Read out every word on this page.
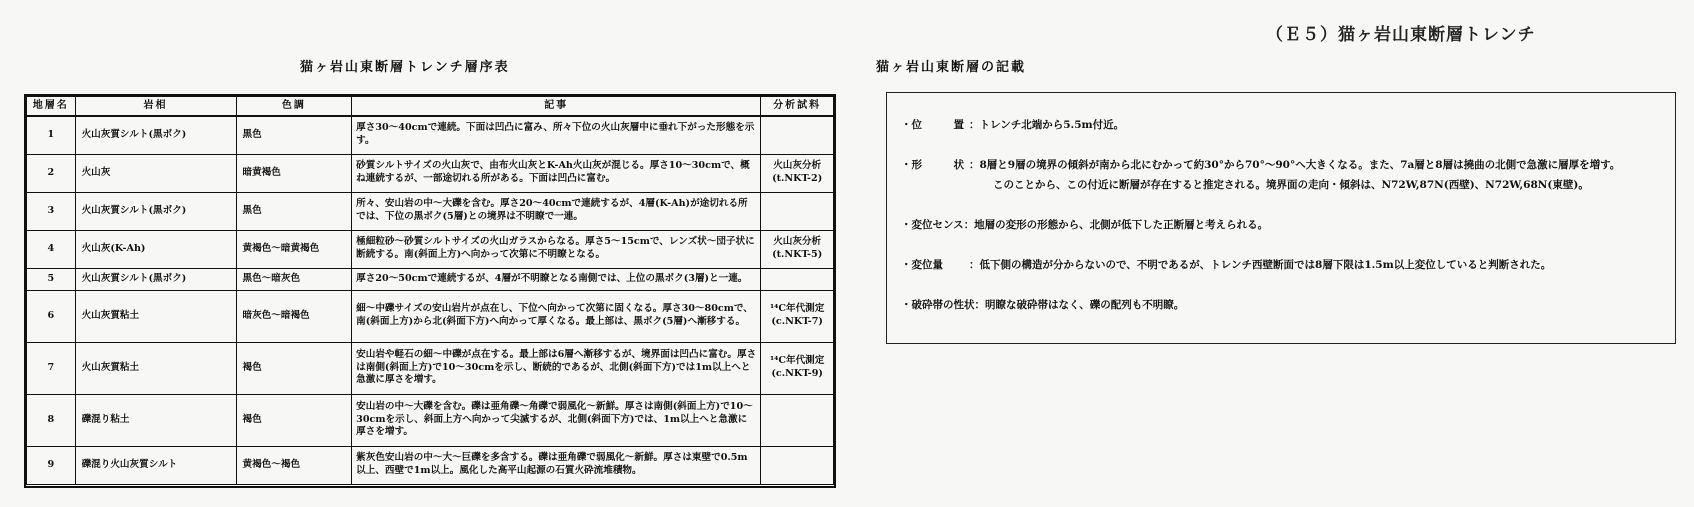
（Ｅ５）猫ヶ岩山東断層トレンチ
猫ヶ岩山東断層トレンチ層序表	猫ヶ岩山東断層の記載
地層名	岩相	色調	記事	分析試料
1	火山灰質シルト(黒ボク)	黒色	厚さ30〜40cmで連続。下面は凹凸に富み、所々下位の火山灰層中に垂れ下がった形態を示す。	
2	火山灰	暗黄褐色	砂質シルトサイズの火山灰で、由布火山灰とK-Ah火山灰が混じる。厚さ10〜30cmで、概ね連続するが、一部途切れる所がある。下面は凹凸に富む。	火山灰分析
(t.NKT-2)
3	火山灰質シルト(黒ボク)	黒色	所々、安山岩の中〜大礫を含む。厚さ20〜40cmで連続するが、4層(K-Ah)が途切れる所では、下位の黒ボク(5層)との境界は不明瞭で一連。	
4	火山灰(K-Ah)	黄褐色〜暗黄褐色	極細粒砂〜砂質シルトサイズの火山ガラスからなる。厚さ5〜15cmで、レンズ状〜団子状に断続する。南(斜面上方)へ向かって次第に不明瞭となる。	火山灰分析
(t.NKT-5)
5	火山灰質シルト(黒ボク)	黒色〜暗灰色	厚さ20〜50cmで連続するが、4層が不明瞭となる南側では、上位の黒ボク(3層)と一連。	
6	火山灰質粘土	暗灰色〜暗褐色	細〜中礫サイズの安山岩片が点在し、下位へ向かって次第に固くなる。厚さ30〜80cmで、南(斜面上方)から北(斜面下方)へ向かって厚くなる。最上部は、黒ボク(5層)へ漸移する。	¹⁴C年代測定
(c.NKT-7)
7	火山灰質粘土	褐色	安山岩や軽石の細〜中礫が点在する。最上部は6層へ漸移するが、境界面は凹凸に富む。厚さは南側(斜面上方)で10〜30cmを示し、断続的であるが、北側(斜面下方)では1m以上へと急激に厚さを増す。	¹⁴C年代測定
(c.NKT-9)
8	礫混り粘土	褐色	安山岩の中〜大礫を含む。礫は亜角礫〜角礫で弱風化〜新鮮。厚さは南側(斜面上方)で10〜30cmを示し、斜面上方へ向かって尖滅するが、北側(斜面下方)では、1m以上へと急激に厚さを増す。	
9	礫混り火山灰質シルト	黄褐色〜褐色	紫灰色安山岩の中〜大〜巨礫を多含する。礫は亜角礫で弱風化〜新鮮。厚さは東壁で0.5m以上、西壁で1m以上。風化した高平山起源の石質火砕流堆積物。	
・位　　　置 ：トレンチ北端から5.5m付近。
・形　　　状 ：8層と9層の境界の傾斜が南から北にむかって約30°から70°〜90°へ大きくなる。また、7a層と8層は撓曲の北側で急激に層厚を増す。
このことから、この付近に断層が存在すると推定される。境界面の走向・傾斜は、N72W,87N(西壁)、N72W,68N(東壁)。
・変位センス：地層の変形の形態から、北側が低下した正断層と考えられる。
・変位量 ：低下側の構造が分からないので、不明であるが、トレンチ西壁断面では8層下限は1.5m以上変位していると判断された。
・破砕帯の性状：明瞭な破砕帯はなく、礫の配列も不明瞭。
